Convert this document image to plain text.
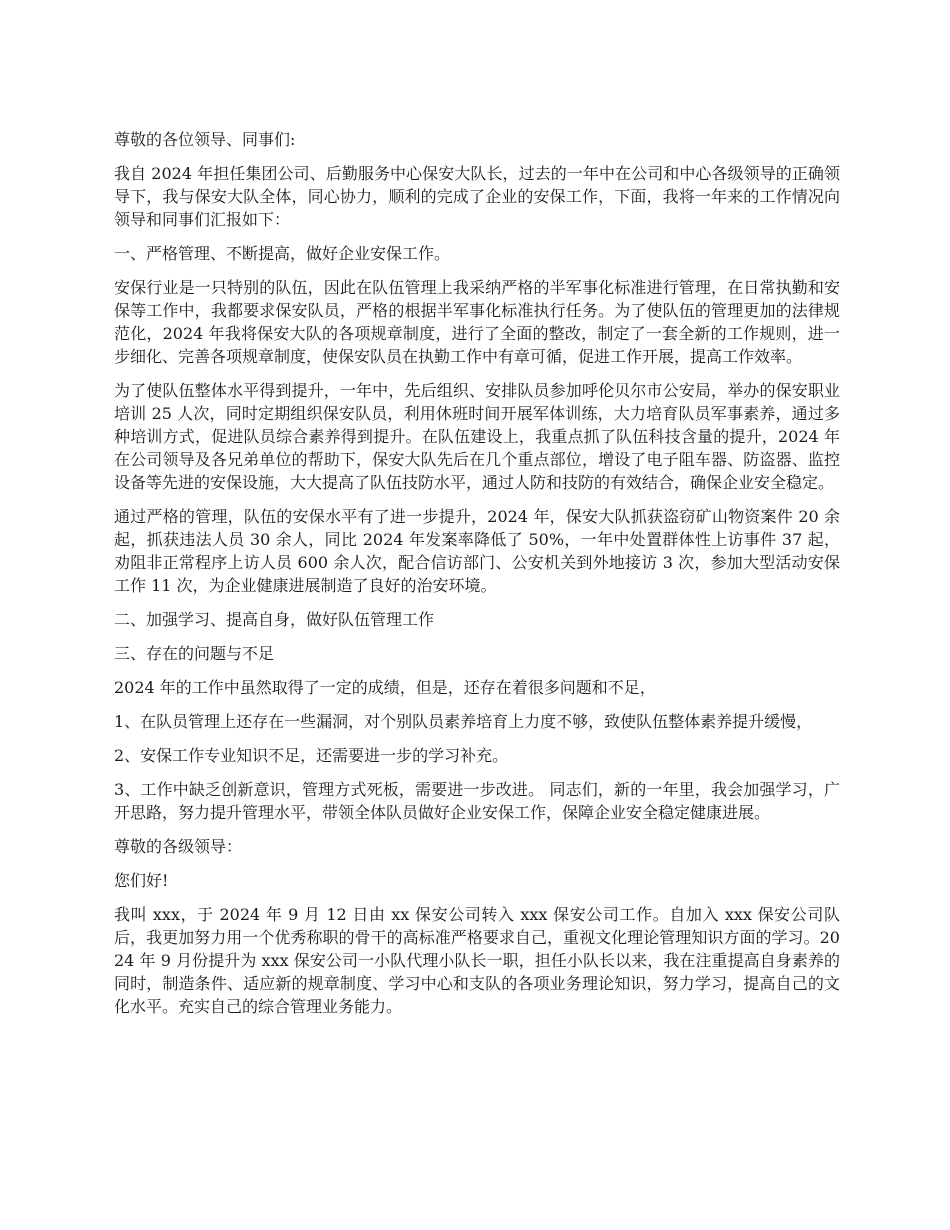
尊敬的各位领导、同事们:

我自 2024 年担任集团公司、后勤服务中心保安大队长，过去的一年中在公司和中心各级领导的正确领导下，我与保安大队全体，同心协力，顺利的完成了企业的安保工作，下面，我将一年来的工作情况向领导和同事们汇报如下：

一、严格管理、不断提高，做好企业安保工作。

安保行业是一只特别的队伍，因此在队伍管理上我采纳严格的半军事化标准进行管理，在日常执勤和安保等工作中，我都要求保安队员，严格的根据半军事化标准执行任务。为了使队伍的管理更加的法律规范化，2024 年我将保安大队的各项规章制度，进行了全面的整改，制定了一套全新的工作规则，进一步细化、完善各项规章制度，使保安队员在执勤工作中有章可循，促进工作开展，提高工作效率。

为了使队伍整体水平得到提升，一年中，先后组织、安排队员参加呼伦贝尔市公安局，举办的保安职业培训 25 人次，同时定期组织保安队员，利用休班时间开展军体训练，大力培育队员军事素养，通过多种培训方式，促进队员综合素养得到提升。在队伍建设上，我重点抓了队伍科技含量的提升，2024 年在公司领导及各兄弟单位的帮助下，保安大队先后在几个重点部位，增设了电子阻车器、防盗器、监控设备等先进的安保设施，大大提高了队伍技防水平，通过人防和技防的有效结合，确保企业安全稳定。

通过严格的管理，队伍的安保水平有了进一步提升，2024 年，保安大队抓获盗窃矿山物资案件 20 余起，抓获违法人员 30 余人，同比 2024 年发案率降低了 50%，一年中处置群体性上访事件 37 起，劝阻非正常程序上访人员 600 余人次，配合信访部门、公安机关到外地接访 3 次，参加大型活动安保工作 11 次，为企业健康进展制造了良好的治安环境。

二、加强学习、提高自身，做好队伍管理工作

三、存在的问题与不足

2024 年的工作中虽然取得了一定的成绩，但是，还存在着很多问题和不足，

1、在队员管理上还存在一些漏洞，对个别队员素养培育上力度不够，致使队伍整体素养提升缓慢，

2、安保工作专业知识不足，还需要进一步的学习补充。

3、工作中缺乏创新意识，管理方式死板，需要进一步改进。 同志们，新的一年里，我会加强学习，广开思路，努力提升管理水平，带领全体队员做好企业安保工作，保障企业安全稳定健康进展。

尊敬的各级领导：

您们好!

我叫 xxx，于 2024 年 9 月 12 日由 xx 保安公司转入 xxx 保安公司工作。自加入 xxx 保安公司队后，我更加努力用一个优秀称职的骨干的高标准严格要求自己，重视文化理论管理知识方面的学习。2024 年 9 月份提升为 xxx 保安公司一小队代理小队长一职，担任小队长以来，我在注重提高自身素养的同时，制造条件、适应新的规章制度、学习中心和支队的各项业务理论知识，努力学习，提高自己的文化水平。充实自己的综合管理业务能力。
